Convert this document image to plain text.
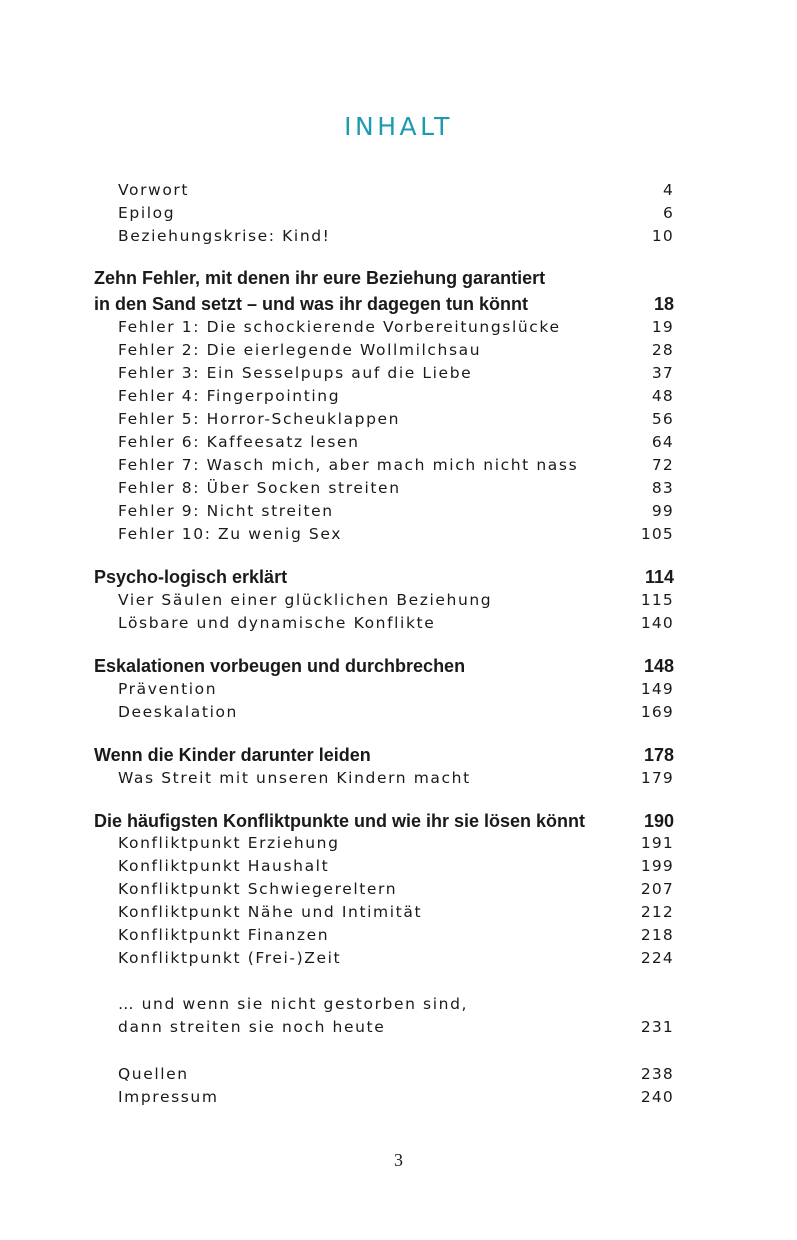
INHALT
Vorwort	4
Epilog	6
Beziehungskrise: Kind!	10
Zehn Fehler, mit denen ihr eure Beziehung garantiert
in den Sand setzt – und was ihr dagegen tun könnt	18
Fehler 1: Die schockierende Vorbereitungslücke	19
Fehler 2: Die eierlegende Wollmilchsau	28
Fehler 3: Ein Sesselpups auf die Liebe	37
Fehler 4: Fingerpointing	48
Fehler 5: Horror-Scheuklappen	56
Fehler 6: Kaffeesatz lesen	64
Fehler 7: Wasch mich, aber mach mich nicht nass	72
Fehler 8: Über Socken streiten	83
Fehler 9: Nicht streiten	99
Fehler 10: Zu wenig Sex	105
Psycho-logisch erklärt	114
Vier Säulen einer glücklichen Beziehung	115
Lösbare und dynamische Konflikte	140
Eskalationen vorbeugen und durchbrechen	148
Prävention	149
Deeskalation	169
Wenn die Kinder darunter leiden	178
Was Streit mit unseren Kindern macht	179
Die häufigsten Konfliktpunkte und wie ihr sie lösen könnt	190
Konfliktpunkt Erziehung	191
Konfliktpunkt Haushalt	199
Konfliktpunkt Schwiegereltern	207
Konfliktpunkt Nähe und Intimität	212
Konfliktpunkt Finanzen	218
Konfliktpunkt (Frei-)Zeit	224
… und wenn sie nicht gestorben sind,
dann streiten sie noch heute	231
Quellen	238
Impressum	240
3
